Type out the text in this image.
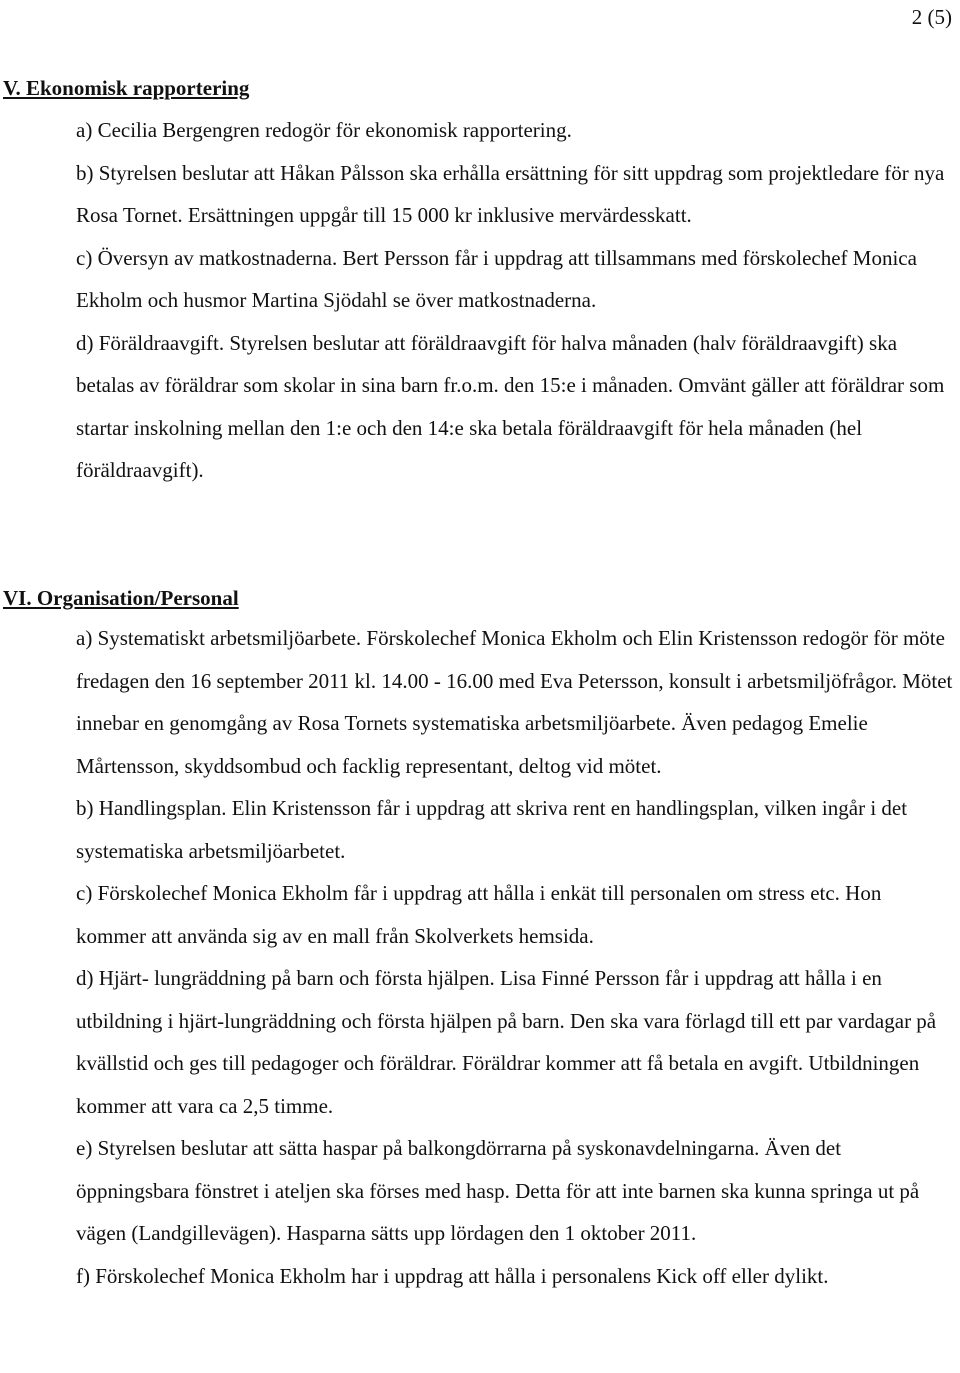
2 (5)

V. Ekonomisk rapportering

a) Cecilia Bergengren redogör för ekonomisk rapportering.

b) Styrelsen beslutar att Håkan Pålsson ska erhålla ersättning för sitt uppdrag som projektledare för nya Rosa Tornet. Ersättningen uppgår till 15 000 kr inklusive mervärdesskatt.

c) Översyn av matkostnaderna. Bert Persson får i uppdrag att tillsammans med förskolechef Monica Ekholm och husmor Martina Sjödahl se över matkostnaderna.

d) Föräldraavgift. Styrelsen beslutar att föräldraavgift för halva månaden (halv föräldraavgift) ska betalas av föräldrar som skolar in sina barn fr.o.m. den 15:e i månaden. Omvänt gäller att föräldrar som startar inskolning mellan den 1:e och den 14:e ska betala föräldraavgift för hela månaden (hel föräldraavgift).

VI. Organisation/Personal

a) Systematiskt arbetsmiljöarbete. Förskolechef Monica Ekholm och Elin Kristensson redogör för möte fredagen den 16 september 2011 kl. 14.00 - 16.00 med Eva Petersson, konsult i arbetsmiljöfrågor. Mötet innebar en genomgång av Rosa Tornets systematiska arbetsmiljöarbete. Även pedagog Emelie Mårtensson, skyddsombud och facklig representant, deltog vid mötet.

b) Handlingsplan. Elin Kristensson får i uppdrag att skriva rent en handlingsplan, vilken ingår i det systematiska arbetsmiljöarbetet.

c) Förskolechef Monica Ekholm får i uppdrag att hålla i enkät till personalen om stress etc. Hon kommer att använda sig av en mall från Skolverkets hemsida.

d) Hjärt- lungräddning på barn och första hjälpen. Lisa Finné Persson får i uppdrag att hålla i en utbildning i hjärt-lungräddning och första hjälpen på barn. Den ska vara förlagd till ett par vardagar på kvällstid och ges till pedagoger och föräldrar. Föräldrar kommer att få betala en avgift. Utbildningen kommer att vara ca 2,5 timme.

e) Styrelsen beslutar att sätta haspar på balkongdörrarna på syskonavdelningarna. Även det öppningsbara fönstret i ateljen ska förses med hasp. Detta för att inte barnen ska kunna springa ut på vägen (Landgillevägen). Hasparna sätts upp lördagen den 1 oktober 2011.

f) Förskolechef Monica Ekholm har i uppdrag att hålla i personalens Kick off eller dylikt.
